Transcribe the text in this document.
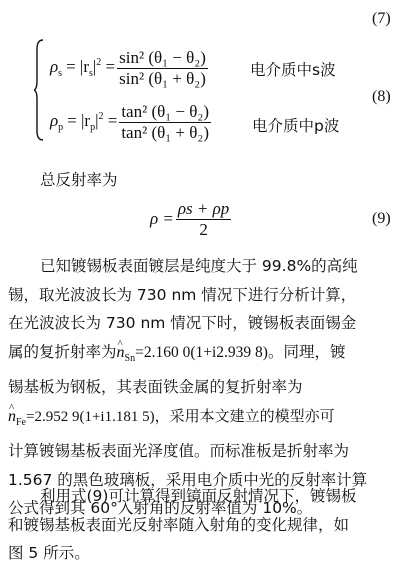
(7)
$\rho_s = |r_s|^2 = \frac{\text{sin² (θ₁ − θ₂)}}{\text{sin² (θ₁ + θ₂)}}$	电介质中s波
(8)
$\rho_p = |r_p|^2 = \frac{\text{tan² (θ₁ − θ₂)}}{\text{tan² (θ₁ + θ₂)}}$	电介质中p波
总反射率为
$\rho = \frac{\rho s + \rho p}{2}$	(9)
已知镀锡板表面镀层是纯度大于 99.8%的高纯
锡，取光波波长为 730 nm 情况下进行分析计算，
在光波波长为 730 nm 情况下时，镀锡板表面锡金
属的复折射率为^ $n_{Sn}=2.160$ 0(1+i2.939 8)。同理，镀
锡基板为钢板，其表面铁金属的复折射率为
^ $n_{Fe}=2.952$ 9(1+i1.181 5)，采用本文建立的模型亦可
计算镀锡基板表面光泽度值。而标准板是折射率为
1.567 的黑色玻璃板，采用电介质中光的反射率计算
公式得到其 60°入射角的反射率值为 10%。
利用式(9)可计算得到镜面反射情况下，镀锡板
和镀锡基板表面光反射率随入射角的变化规律，如
图 5 所示。
